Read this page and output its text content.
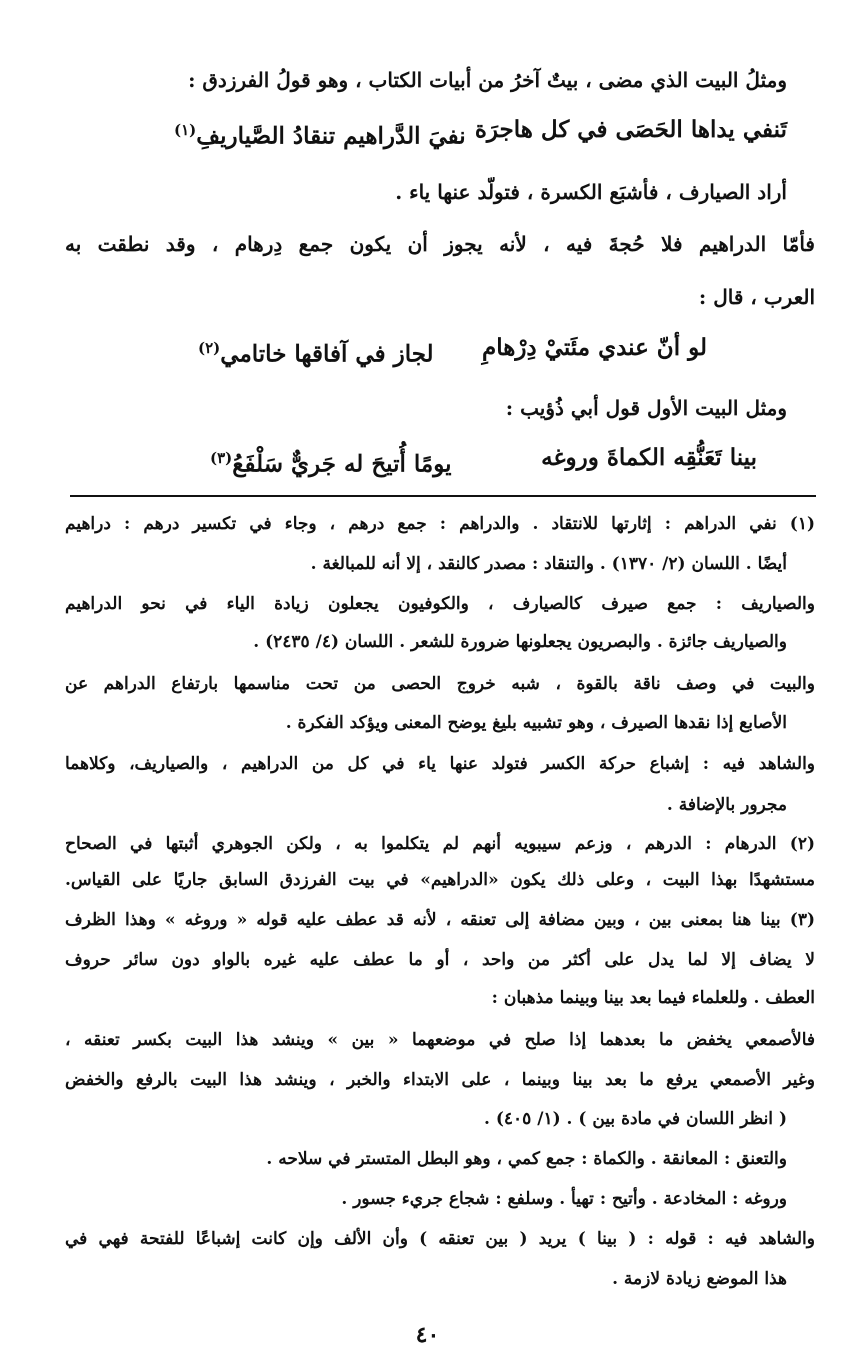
ومثلُ البيت الذي مضى ، بيتٌ آخرُ من أبيات الكتاب ، وهو قولُ الفرزدق :
تَنفي يداها الحَصَى في كل هاجرَة
نفيَ الدَّراهيم تنقادُ الصَّياريفِ$^{(١)}$
أراد الصيارف ، فأشبَع الكسرة ، فتولّد عنها ياء .
فأمّا الدراهيم فلا حُجةَ فيه ، لأنه يجوز أن يكون جمع دِرهام ، وقد نطقت به
العرب ، قال :
لو أنّ عندي مئَتيْ دِرْهامِ
لجاز في آفاقها خاتامي$^{(٢)}$
ومثل البيت الأول قول أبي ذُؤيب :
بينا تَعَنُّقِه الكماةَ وروغه
يومًا أُتيحَ له جَريٌّ سَلْفَعُ$^{(٣)}$
(١) نفي الدراهم : إثارتها للانتقاد . والدراهم : جمع درهم ، وجاء في تكسير درهم : دراهيم
أيضًا . اللسان (٢/ ١٣٧٠) . والتنقاد : مصدر كالنقد ، إلا أنه للمبالغة .
والصياريف : جمع صيرف كالصيارف ، والكوفيون يجعلون زيادة الياء في نحو الدراهيم
والصياريف جائزة . والبصريون يجعلونها ضرورة للشعر . اللسان (٤/ ٢٤٣٥) .
والبيت في وصف ناقة بالقوة ، شبه خروج الحصى من تحت مناسمها بارتفاع الدراهم عن
الأصابع إذا نقدها الصيرف ، وهو تشبيه بليغ يوضح المعنى ويؤكد الفكرة .
والشاهد فيه : إشباع حركة الكسر فتولد عنها ياء في كل من الدراهيم ، والصياريف، وكلاهما
مجرور بالإضافة .
(٢) الدرهام : الدرهم ، وزعم سيبويه أنهم لم يتكلموا به ، ولكن الجوهري أثبتها في الصحاح
مستشهدًا بهذا البيت ، وعلى ذلك يكون «الدراهيم» في بيت الفرزدق السابق جاريًا على القياس.
(٣) بينا هنا بمعنى بين ، وبين مضافة إلى تعنقه ، لأنه قد عطف عليه قوله « وروغه » وهذا الظرف
لا يضاف إلا لما يدل على أكثر من واحد ، أو ما عطف عليه غيره بالواو دون سائر حروف
العطف . وللعلماء فيما بعد بينا وبينما مذهبان :
فالأصمعي يخفض ما بعدهما إذا صلح في موضعهما « بين » وينشد هذا البيت بكسر تعنقه ،
وغير الأصمعي يرفع ما بعد بينا وبينما ، على الابتداء والخبر ، وينشد هذا البيت بالرفع والخفض
( انظر اللسان في مادة بين ) . (١/ ٤٠٥) .
والتعنق : المعانقة . والكماة : جمع كمي ، وهو البطل المتستر في سلاحه .
وروغه : المخادعة . وأتيح : تهيأ . وسلفع : شجاع جريء جسور .
والشاهد فيه : قوله : ( بينا ) يريد ( بين تعنقه ) وأن الألف وإن كانت إشباعًا للفتحة فهي في
هذا الموضع زيادة لازمة .
٤٠
